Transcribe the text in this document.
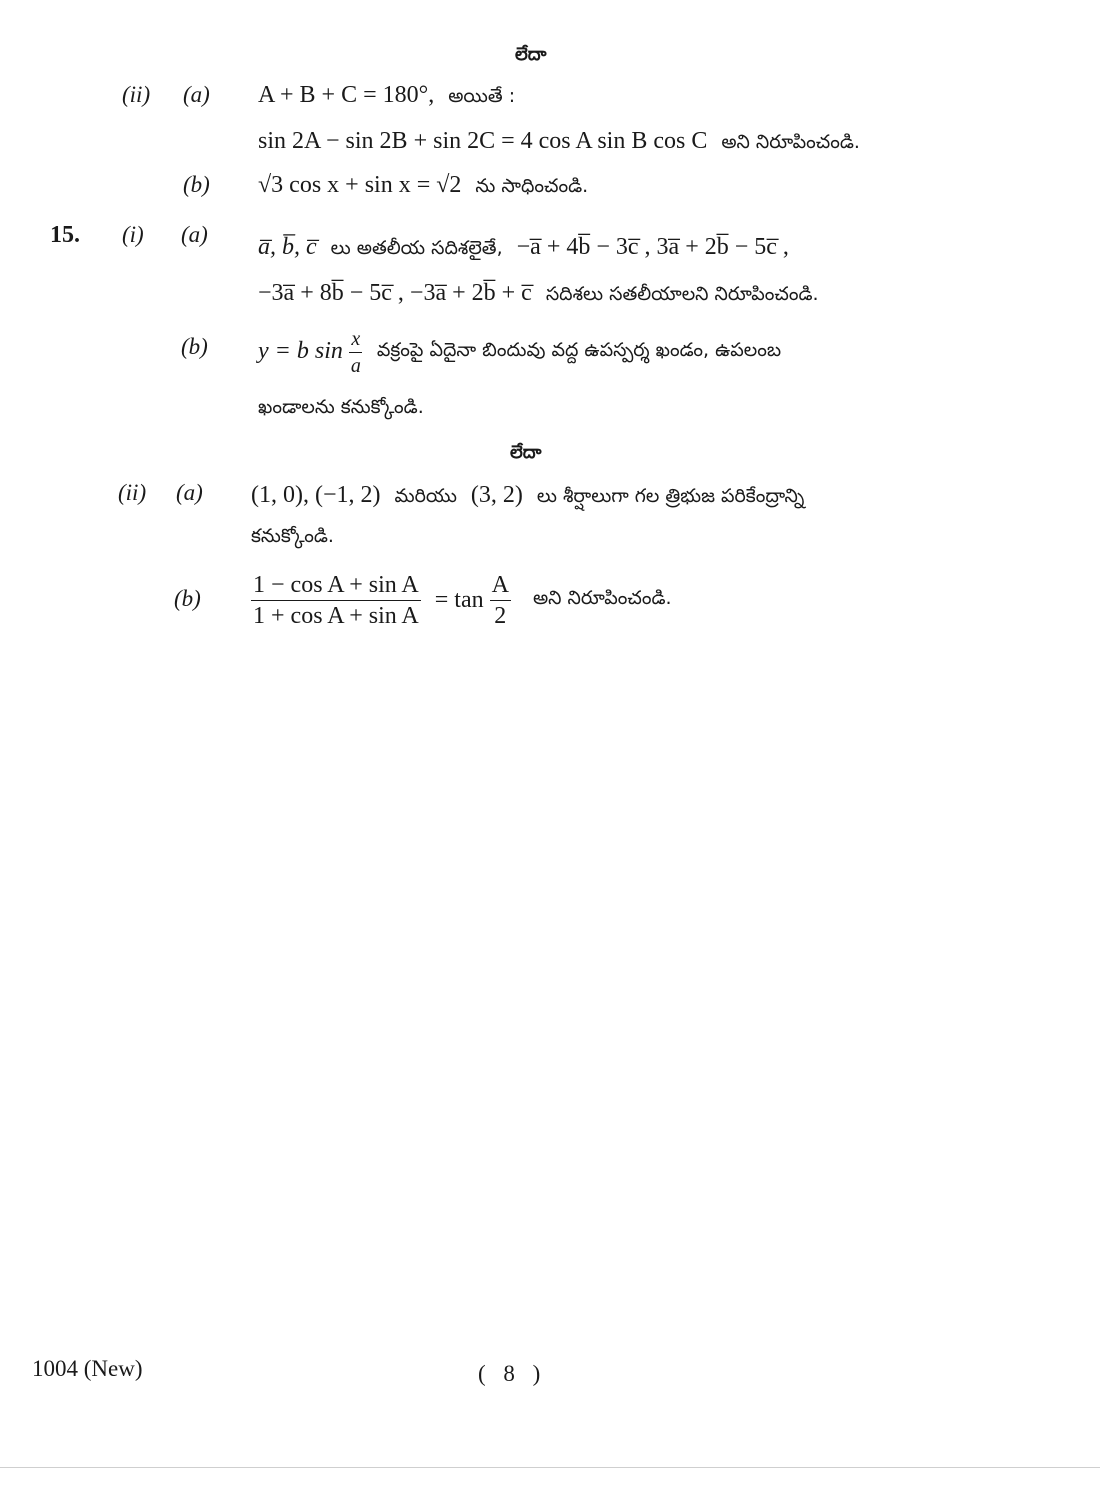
లేదా
(ii) (a) A + B + C = 180°, అయితే :
sin 2A − sin 2B + sin 2C = 4 cos A sin B cos C అని నిరూపించండి.
(b) √3 cos x + sin x = √2 ను సాధించండి.
15. (i) (a) a̅, b̅, c̅ లు అతలీయ సదిశలైతే, −a̅ + 4b̅ − 3c̅ , 3a̅ + 2b̅ − 5c̅ ,
−3a̅ + 8b̅ − 5c̅ , −3a̅ + 2b̅ + c̅ సదిశలు సతలీయాలని నిరూపించండి.
(b) y = b $\sin \frac{x}{a}$ వక్రంపై ఏదైనా బిందువు వద్ద ఉపస్పర్శ ఖండం, ఉపలంబ
ఖండాలను కనుక్కోండి.
లేదా
(ii) (a) (1, 0), (−1, 2) మరియు (3, 2) లు శీర్షాలుగా గల త్రిభుజ పరికేంద్రాన్ని
కనుక్కోండి.
$(b) \frac{\text{1 − cos A + sin A}}{\text{1 + cos A + sin A}} = \tan \frac{A}{2}$ అని నిరూపించండి.
1004 (New)	( 8 )
